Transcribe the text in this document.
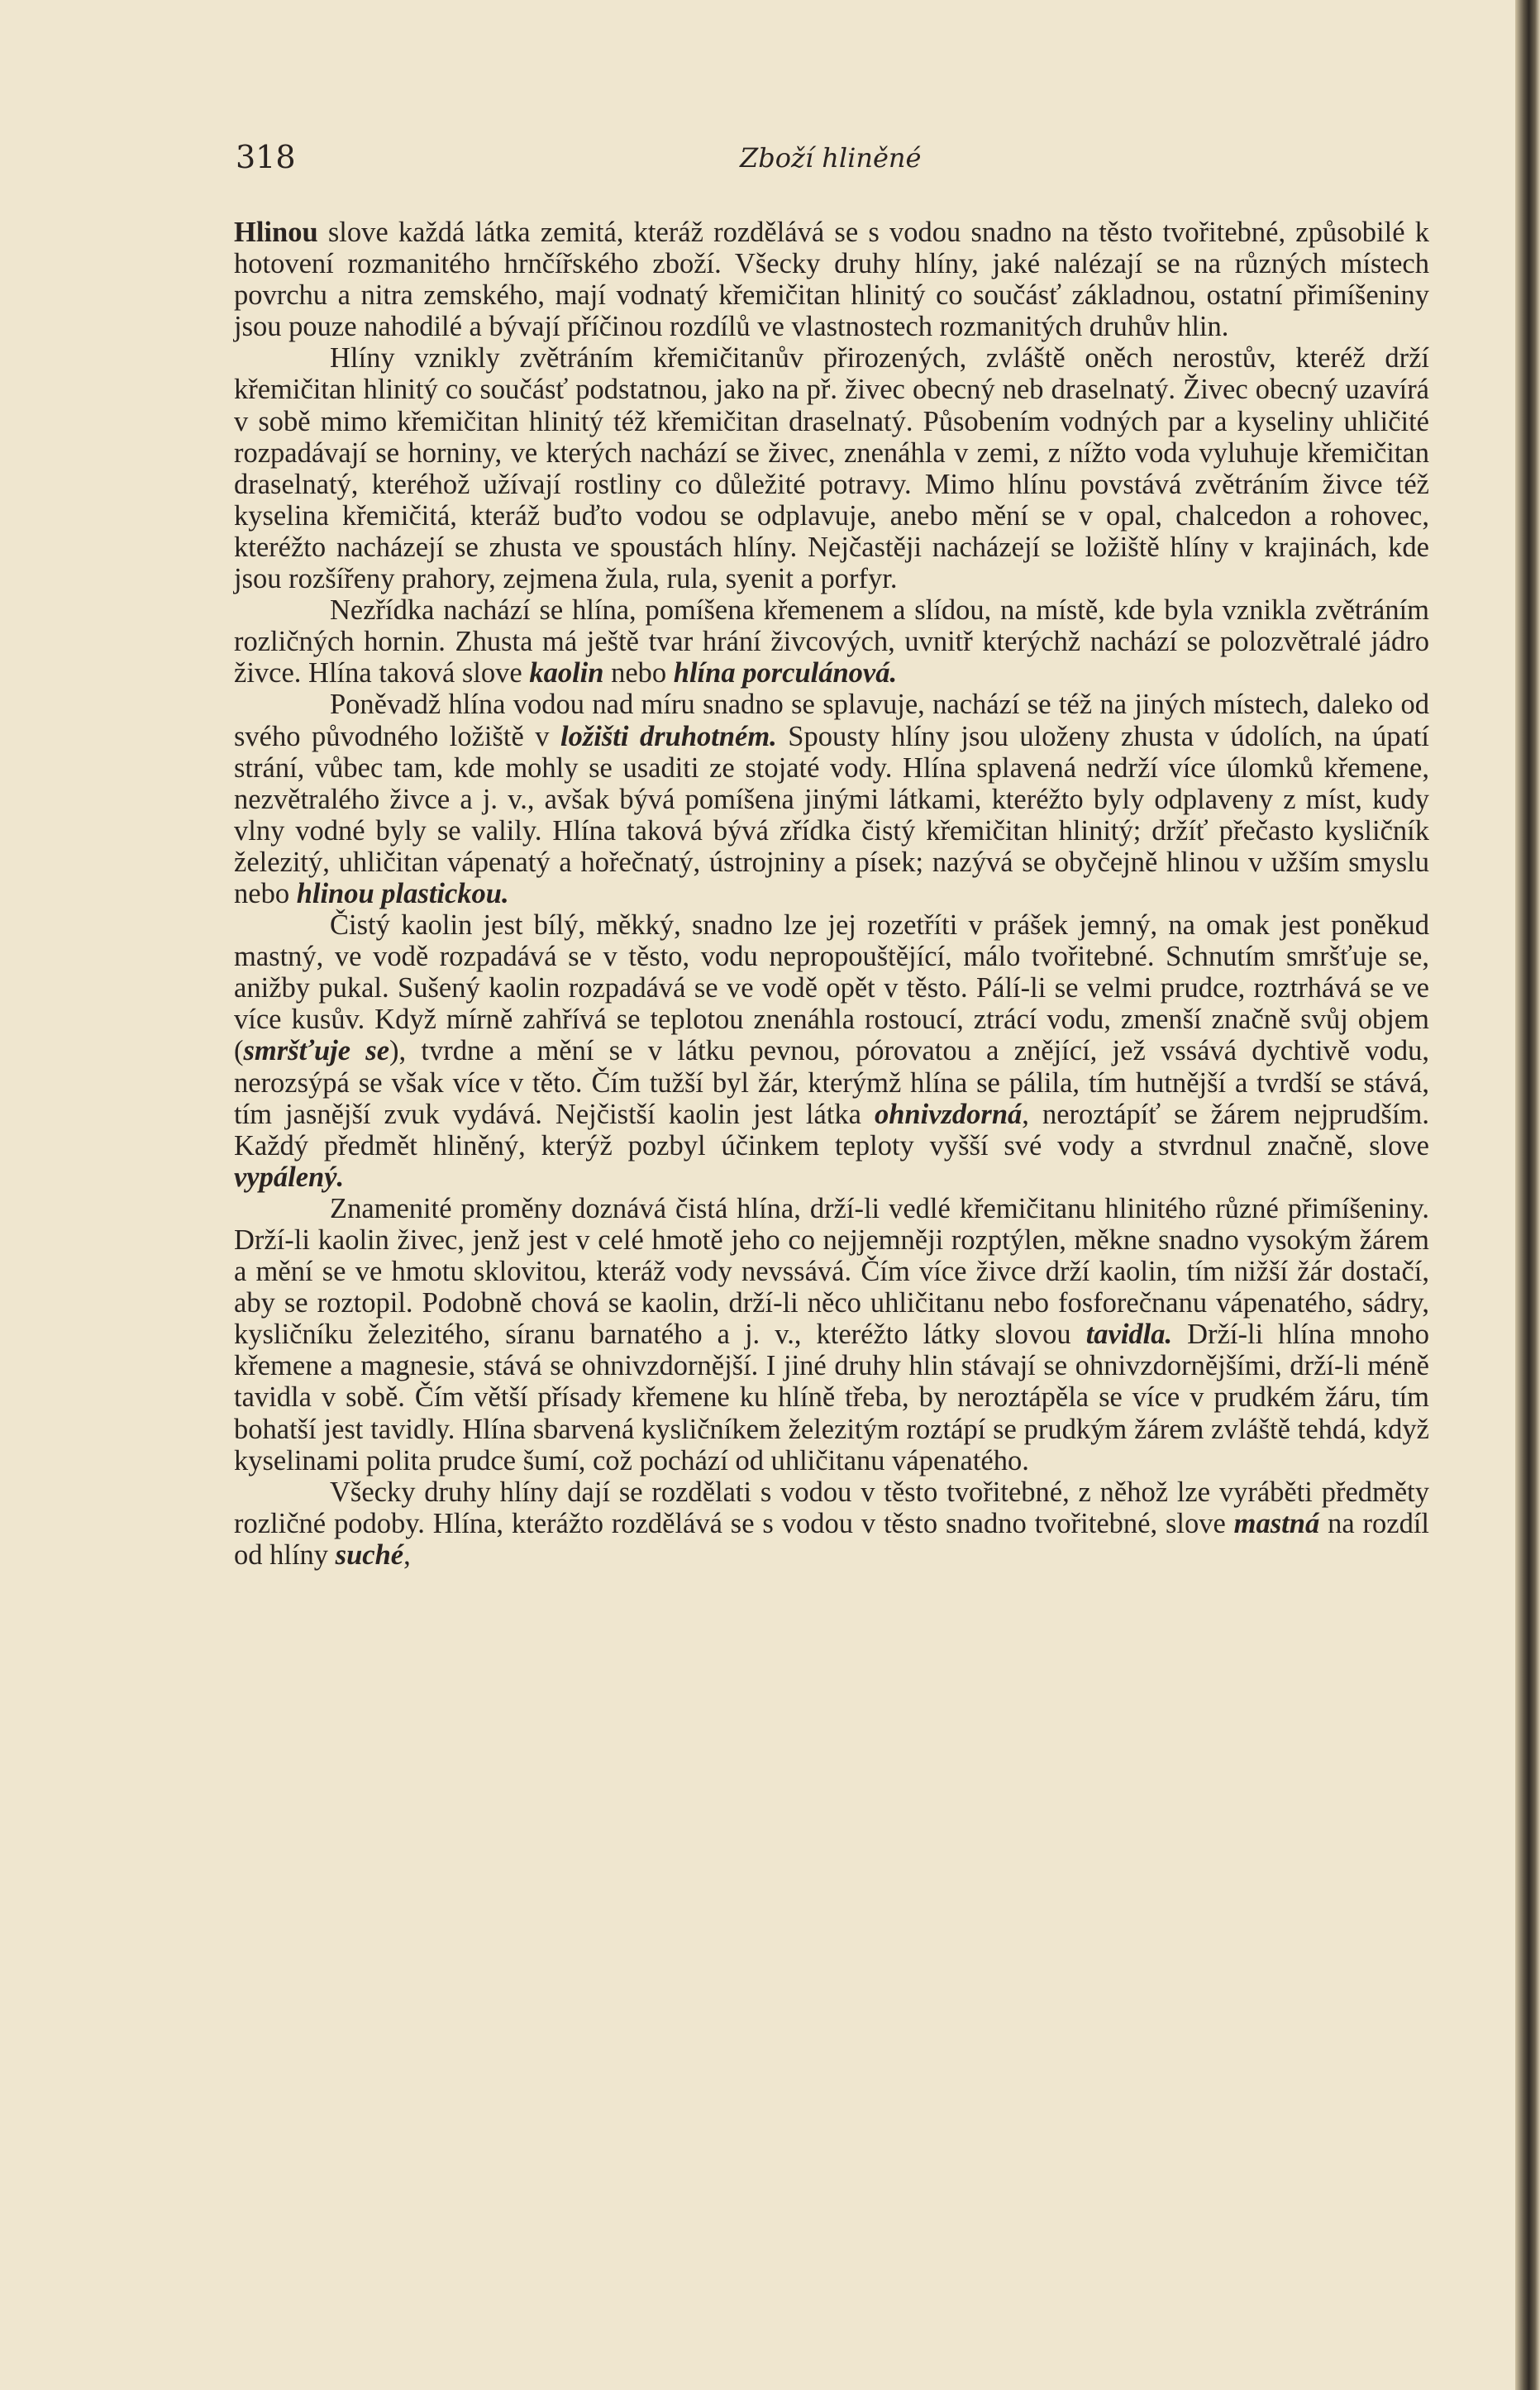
318	Zboží hliněné

Hlinou slove každá látka zemitá, kteráž rozdělává se s vodou snadno na těsto tvořitebné, způsobilé k hotovení rozmanitého hrnčířského zboží. Všecky druhy hlíny, jaké nalézají se na různých místech povrchu a nitra zemského, mají vodnatý křemičitan hlinitý co součásť základnou, ostatní přimíšeniny jsou pouze nahodilé a bývají příčinou rozdílů ve vlastnostech rozmanitých druhův hlin.

Hlíny vznikly zvětráním křemičitanův přirozených, zvláště oněch nerostův, kteréž drží křemičitan hlinitý co součásť podstatnou, jako na př. živec obecný neb draselnatý. Živec obecný uzavírá v sobě mimo křemičitan hlinitý též křemičitan draselnatý. Působením vodných par a kyseliny uhličité rozpadávají se horniny, ve kterých nachází se živec, znenáhla v zemi, z nížto voda vyluhuje křemičitan draselnatý, kteréhož užívají rostliny co důležité potravy. Mimo hlínu povstává zvětráním živce též kyselina křemičitá, kteráž buďto vodou se odplavuje, anebo mění se v opal, chalcedon a rohovec, kteréžto nacházejí se zhusta ve spoustách hlíny. Nejčastěji nacházejí se ložiště hlíny v krajinách, kde jsou rozšířeny prahory, zejmena žula, rula, syenit a porfyr.

Nezřídka nachází se hlína, pomíšena křemenem a slídou, na místě, kde byla vznikla zvětráním rozličných hornin. Zhusta má ještě tvar hrání živcových, uvnitř kterýchž nachází se polozvětralé jádro živce. Hlína taková slove kaolin nebo hlína porculánová.

Poněvadž hlína vodou nad míru snadno se splavuje, nachází se též na jiných místech, daleko od svého původného ložiště v ložišti druhotném. Spousty hlíny jsou uloženy zhusta v údolích, na úpatí strání, vůbec tam, kde mohly se usaditi ze stojaté vody. Hlína splavená nedrží více úlomků křemene, nezvětralého živce a j. v., avšak bývá pomíšena jinými látkami, kteréžto byly odplaveny z míst, kudy vlny vodné byly se valily. Hlína taková bývá zřídka čistý křemičitan hlinitý; držíť přečasto kysličník železitý, uhličitan vápenatý a hořečnatý, ústrojniny a písek; nazývá se obyčejně hlinou v užším smyslu nebo hlinou plastickou.

Čistý kaolin jest bílý, měkký, snadno lze jej rozetříti v prášek jemný, na omak jest poněkud mastný, ve vodě rozpadává se v těsto, vodu nepropouštějící, málo tvořitebné. Schnutím smršťuje se, anižby pukal. Sušený kaolin rozpadává se ve vodě opět v těsto. Pálí-li se velmi prudce, roztrhává se ve více kusův. Když mírně zahřívá se teplotou znenáhla rostoucí, ztrácí vodu, zmenší značně svůj objem (smršťuje se), tvrdne a mění se v látku pevnou, pórovatou a znějící, jež vssává dychtivě vodu, nerozsýpá se však více v těto. Čím tužší byl žár, kterýmž hlína se pálila, tím hutnější a tvrdší se stává, tím jasnější zvuk vydává. Nejčistší kaolin jest látka ohnivzdorná, neroztápíť se žárem nejprudším. Každý předmět hliněný, kterýž pozbyl účinkem teploty vyšší své vody a stvrdnul značně, slove vypálený.

Znamenité proměny doznává čistá hlína, drží-li vedlé křemičitanu hlinitého různé přimíšeniny. Drží-li kaolin živec, jenž jest v celé hmotě jeho co nejjemněji rozptýlen, měkne snadno vysokým žárem a mění se ve hmotu sklovitou, kteráž vody nevssává. Čím více živce drží kaolin, tím nižší žár dostačí, aby se roztopil. Podobně chová se kaolin, drží-li něco uhličitanu nebo fosforečnanu vápenatého, sádry, kysličníku železitého, síranu barnatého a j. v., kteréžto látky slovou tavidla. Drží-li hlína mnoho křemene a magnesie, stává se ohnivzdornější. I jiné druhy hlin stávají se ohnivzdornějšími, drží-li méně tavidla v sobě. Čím větší přísady křemene ku hlíně třeba, by neroztápěla se více v prudkém žáru, tím bohatší jest tavidly. Hlína sbarvená kysličníkem železitým roztápí se prudkým žárem zvláště tehdá, když kyselinami polita prudce šumí, což pochází od uhličitanu vápenatého.

Všecky druhy hlíny dají se rozdělati s vodou v těsto tvořitebné, z něhož lze vyráběti předměty rozličné podoby. Hlína, kterážto rozdělává se s vodou v těsto snadno tvořitebné, slove mastná na rozdíl od hlíny suché,
